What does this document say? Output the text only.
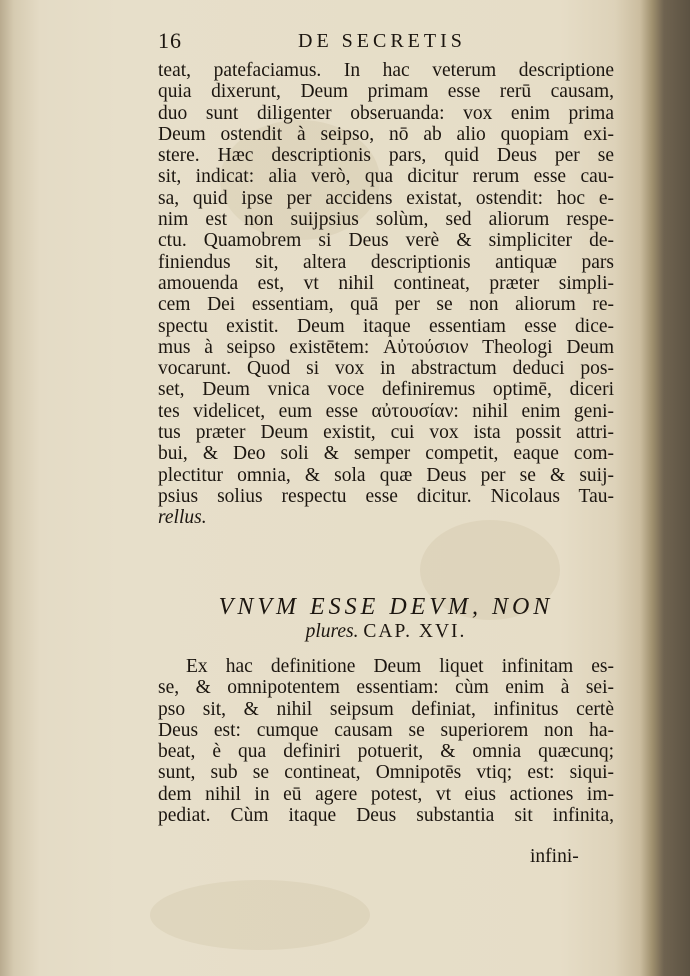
16	DE SECRETIS
teat, patefaciamus. In hac veterum descriptione
quia dixerunt, Deum primam esse rerū causam,
duo sunt diligenter obseruanda: vox enim prima
Deum ostendit à seipso, nō ab alio quopiam exi-
stere. Hæc descriptionis pars, quid Deus per se
sit, indicat: alia verò, qua dicitur rerum esse cau-
sa, quid ipse per accidens existat, ostendit: hoc e-
nim est non suijpsius solùm, sed aliorum respe-
ctu. Quamobrem si Deus verè & simpliciter de-
finiendus sit, altera descriptionis antiquæ pars
amouenda est, vt nihil contineat, præter simpli-
cem Dei essentiam, quā per se non aliorum re-
spectu existit. Deum itaque essentiam esse dice-
mus à seipso existētem: Αὐτούσιον Theologi Deum
vocarunt. Quod si vox in abstractum deduci pos-
set, Deum vnica voce definiremus optimē, diceri
tes videlicet, eum esse αὐτουσίαν: nihil enim geni-
tus præter Deum existit, cui vox ista possit attri-
bui, & Deo soli & semper competit, eaque com-
plectitur omnia, & sola quæ Deus per se & suij-
psius solius respectu esse dicitur. Nicolaus Tau-
rellus.
VNVM ESSE DEVM, NON
plures. CAP. XVI.
Ex hac definitione Deum liquet infinitam es-
se, & omnipotentem essentiam: cùm enim à sei-
pso sit, & nihil seipsum definiat, infinitus certè
Deus est: cumque causam se superiorem non ha-
beat, è qua definiri potuerit, & omnia quæcunq;
sunt, sub se contineat, Omnipotēs vtiq; est: siqui-
dem nihil in eū agere potest, vt eius actiones im-
pediat. Cùm itaque Deus substantia sit infinita,
infini-
